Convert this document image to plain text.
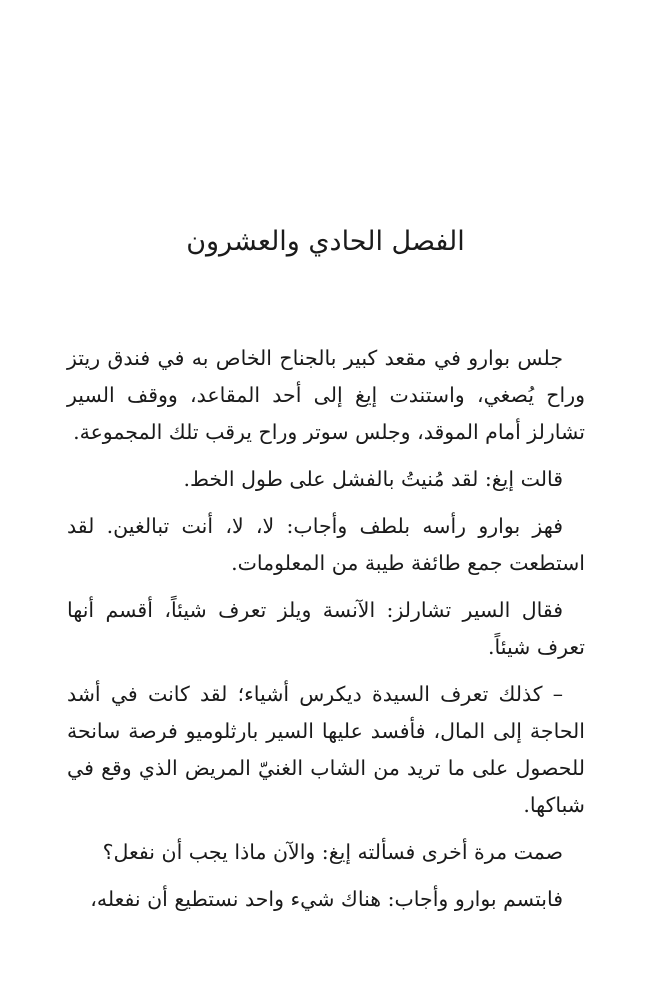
الفصل الحادي والعشرون

جلس بوارو في مقعد كبير بالجناح الخاص به في فندق ريتز وراح يُصغي، واستندت إيغ إلى أحد المقاعد، ووقف السير تشارلز أمام الموقد، وجلس سوتر وراح يرقب تلك المجموعة.

قالت إيغ: لقد مُنيتُ بالفشل على طول الخط.

فهز بوارو رأسه بلطف وأجاب: لا، لا، أنت تبالغين. لقد استطعت جمع طائفة طيبة من المعلومات.

فقال السير تشارلز: الآنسة ويلز تعرف شيئاً، أقسم أنها تعرف شيئاً.

– كذلك تعرف السيدة ديكرس أشياء؛ لقد كانت في أشد الحاجة إلى المال، فأفسد عليها السير بارثلوميو فرصة سانحة للحصول على ما تريد من الشاب الغنيّ المريض الذي وقع في شباكها.

صمت مرة أخرى فسألته إيغ: والآن ماذا يجب أن نفعل؟

فابتسم بوارو وأجاب: هناك شيء واحد نستطيع أن نفعله،
